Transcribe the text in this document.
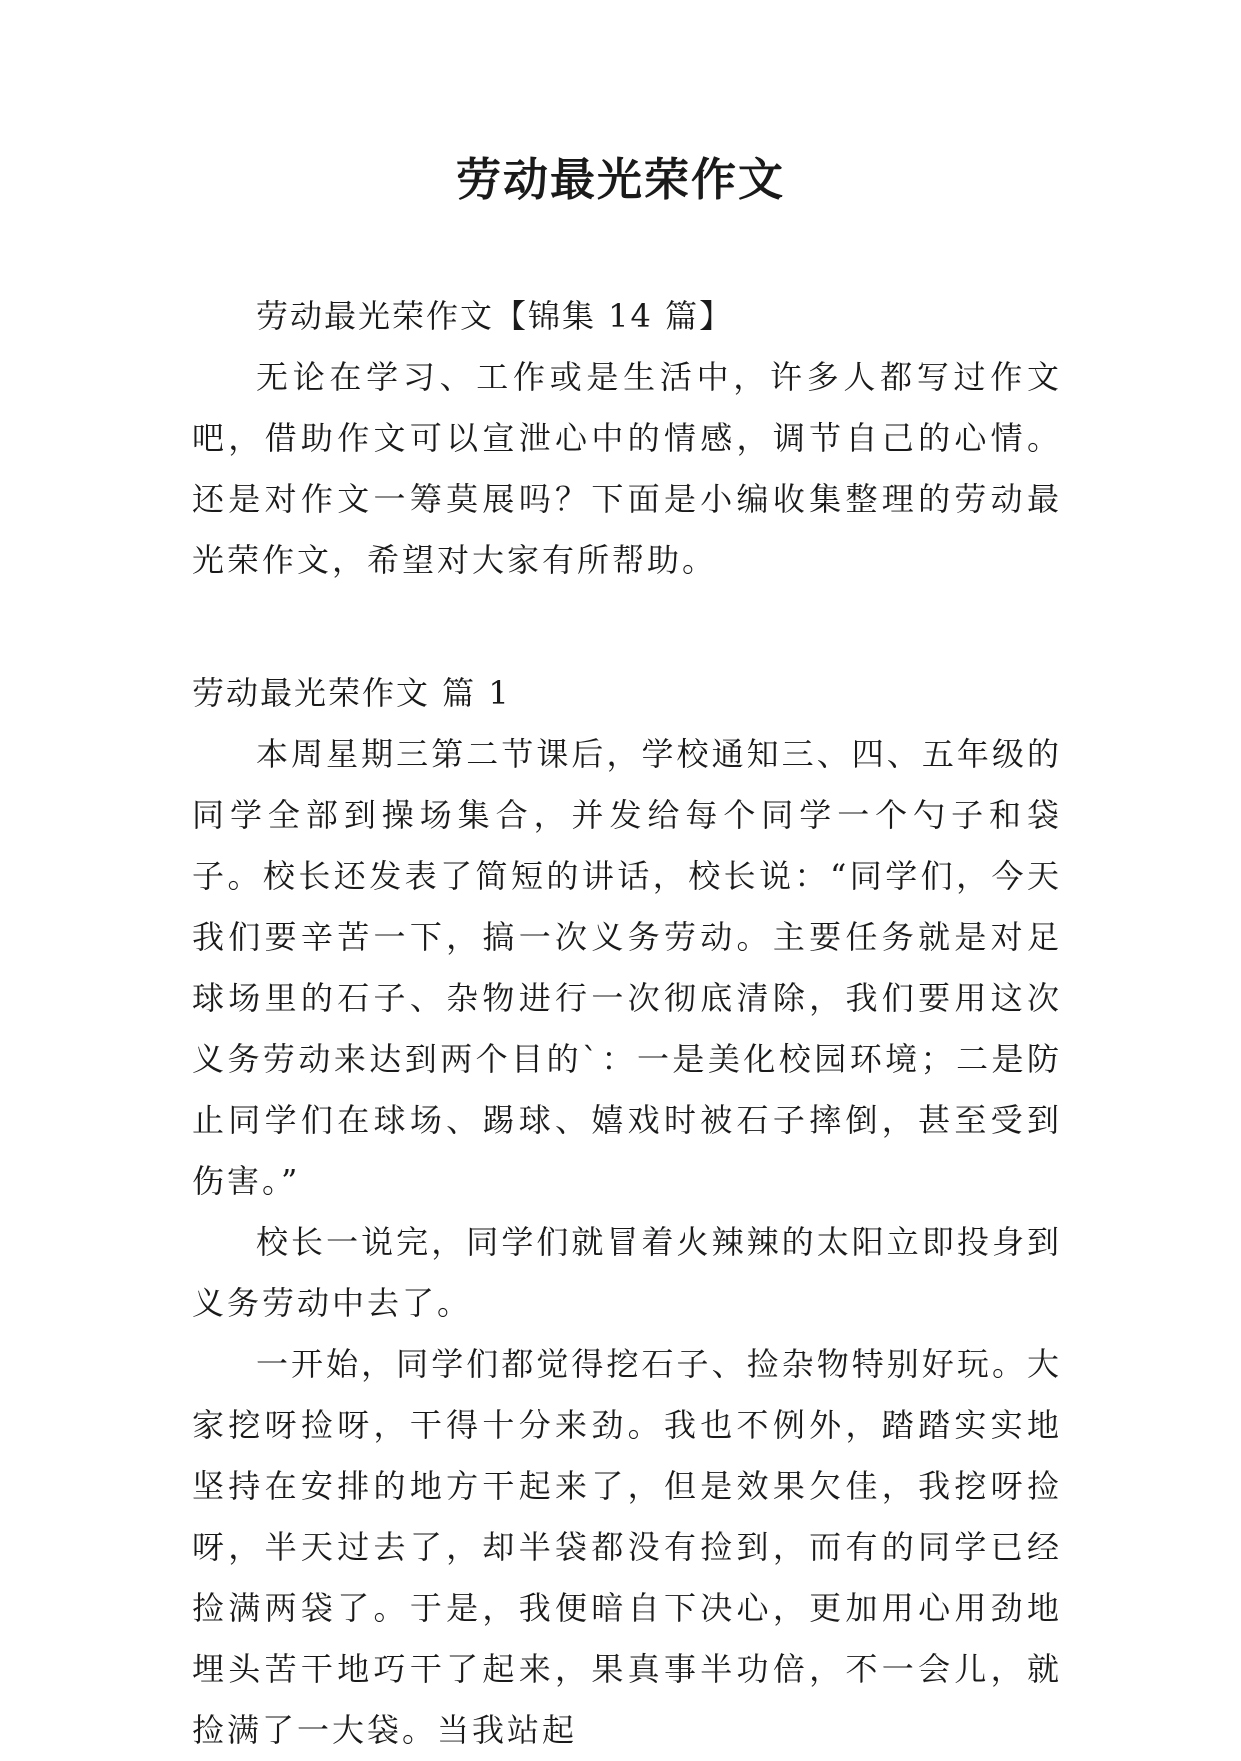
劳动最光荣作文

劳动最光荣作文【锦集 14 篇】

无论在学习、工作或是生活中，许多人都写过作文吧，借助作文可以宣泄心中的情感，调节自己的心情。还是对作文一筹莫展吗？下面是小编收集整理的劳动最光荣作文，希望对大家有所帮助。

劳动最光荣作文 篇 1

本周星期三第二节课后，学校通知三、四、五年级的同学全部到操场集合，并发给每个同学一个勺子和袋子。校长还发表了简短的讲话，校长说：“同学们，今天我们要辛苦一下，搞一次义务劳动。主要任务就是对足球场里的石子、杂物进行一次彻底清除，我们要用这次义务劳动来达到两个目的`：一是美化校园环境；二是防止同学们在球场、踢球、嬉戏时被石子摔倒，甚至受到伤害。”

校长一说完，同学们就冒着火辣辣的太阳立即投身到义务劳动中去了。

一开始，同学们都觉得挖石子、捡杂物特别好玩。大家挖呀捡呀，干得十分来劲。我也不例外，踏踏实实地坚持在安排的地方干起来了，但是效果欠佳，我挖呀捡呀，半天过去了，却半袋都没有捡到，而有的同学已经捡满两袋了。于是，我便暗自下决心，更加用心用劲地埋头苦干地巧干了起来，果真事半功倍，不一会儿，就捡满了一大袋。当我站起
